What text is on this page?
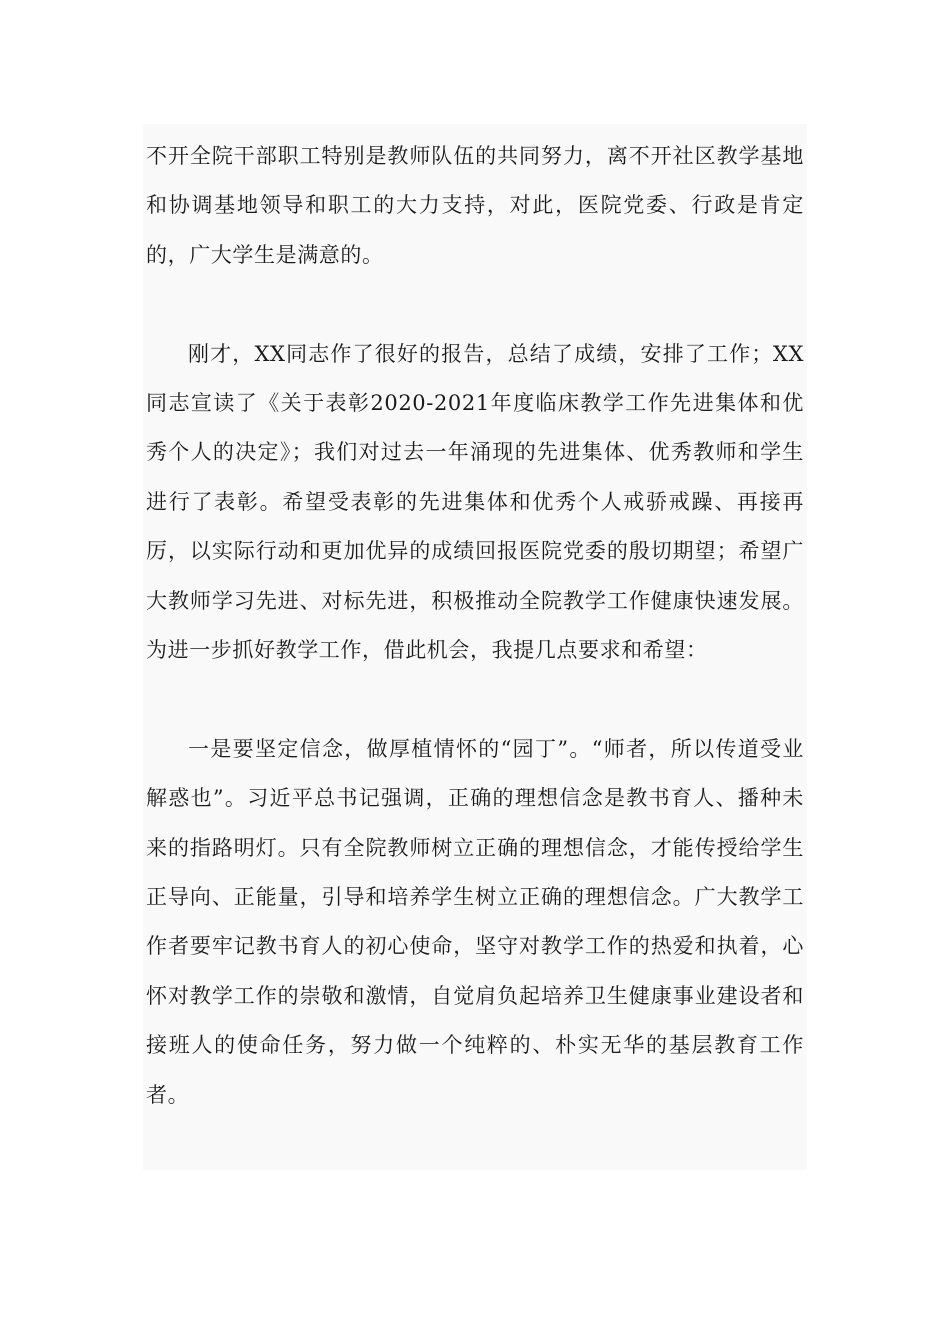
不开全院干部职工特别是教师队伍的共同努力，离不开社区教学基地和协调基地领导和职工的大力支持，对此，医院党委、行政是肯定的，广大学生是满意的。

刚才，XX同志作了很好的报告，总结了成绩，安排了工作；XX同志宣读了《关于表彰2020-2021年度临床教学工作先进集体和优秀个人的决定》；我们对过去一年涌现的先进集体、优秀教师和学生进行了表彰。希望受表彰的先进集体和优秀个人戒骄戒躁、再接再厉，以实际行动和更加优异的成绩回报医院党委的殷切期望；希望广大教师学习先进、对标先进，积极推动全院教学工作健康快速发展。为进一步抓好教学工作，借此机会，我提几点要求和希望：

一是要坚定信念，做厚植情怀的“园丁”。“师者，所以传道受业解惑也”。习近平总书记强调，正确的理想信念是教书育人、播种未来的指路明灯。只有全院教师树立正确的理想信念，才能传授给学生正导向、正能量，引导和培养学生树立正确的理想信念。广大教学工作者要牢记教书育人的初心使命，坚守对教学工作的热爱和执着，心怀对教学工作的崇敬和激情，自觉肩负起培养卫生健康事业建设者和接班人的使命任务，努力做一个纯粹的、朴实无华的基层教育工作者。
